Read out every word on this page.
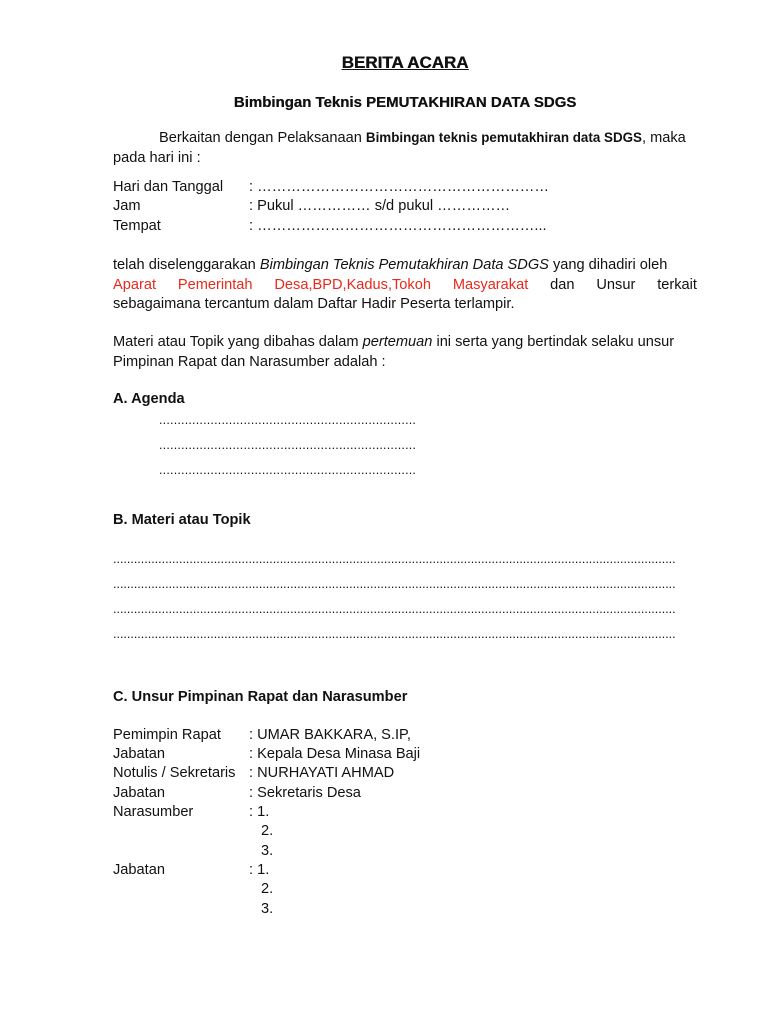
BERITA ACARA
Bimbingan Teknis PEMUTAKHIRAN DATA SDGS
Berkaitan dengan Pelaksanaan Bimbingan teknis pemutakhiran data SDGS, maka pada hari ini :
Hari dan Tanggal : ……………………………………………………
Jam	: Pukul …………… s/d pukul ……………
Tempat	: …………………………………………………...
telah diselenggarakan Bimbingan Teknis Pemutakhiran Data SDGS yang dihadiri oleh
Aparat Pemerintah Desa,BPD,Kadus,Tokoh Masyarakat dan Unsur terkait
sebagaimana tercantum dalam Daftar Hadir Peserta terlampir.
Materi atau Topik yang dibahas dalam pertemuan ini serta yang bertindak selaku unsur
Pimpinan Rapat dan Narasumber adalah :
A. Agenda
......................................................................
......................................................................
......................................................................
B. Materi atau Topik
..................................................................................................................................................................
..................................................................................................................................................................
..................................................................................................................................................................
..................................................................................................................................................................
C. Unsur Pimpinan Rapat dan Narasumber
Pemimpin Rapat : UMAR BAKKARA, S.IP,
Jabatan	: Kepala Desa Minasa Baji
Notulis / Sekretaris : NURHAYATI AHMAD
Jabatan	: Sekretaris Desa
Narasumber	: 1.
2.
3.
Jabatan	: 1.
2.
3.
